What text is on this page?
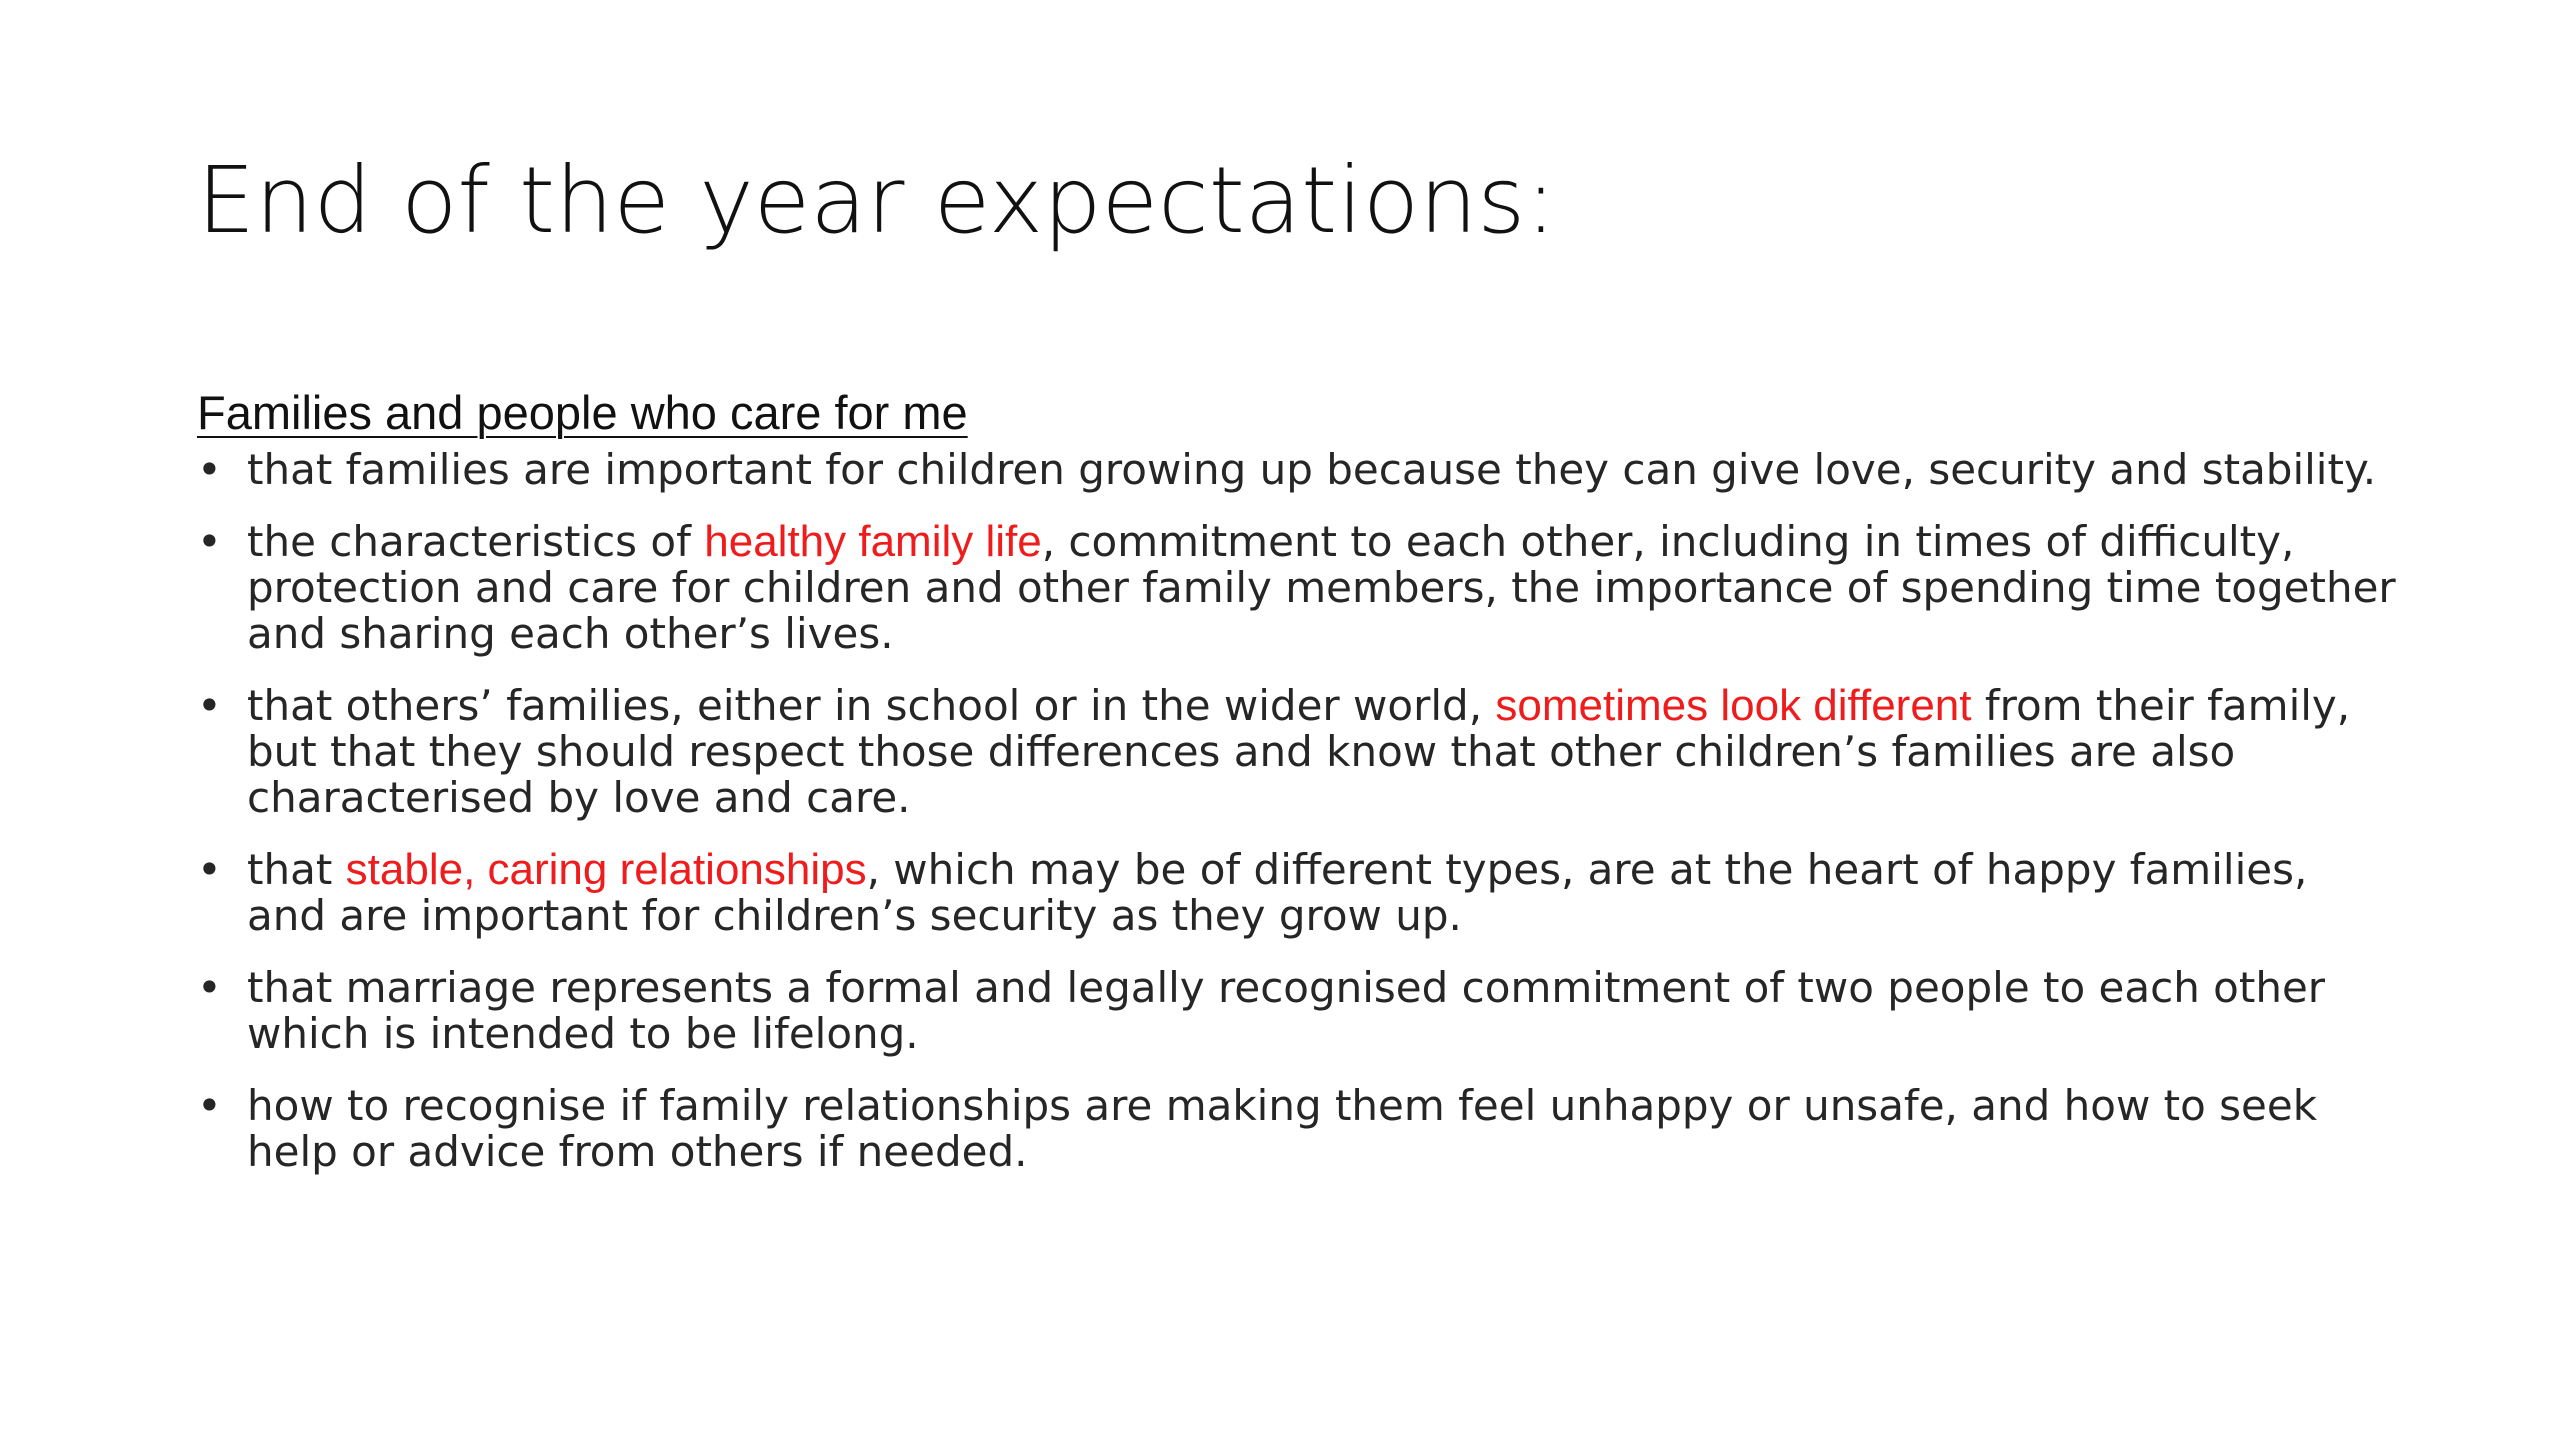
End of the year expectations:
Families and people who care for me
• that families are important for children growing up because they can give love, security and stability.
• the characteristics of healthy family life, commitment to each other, including in times of difficulty, protection and care for children and other family members, the importance of spending time together and sharing each other’s lives.
• that others’ families, either in school or in the wider world, sometimes look different from their family, but that they should respect those differences and know that other children’s families are also characterised by love and care.
• that stable, caring relationships, which may be of different types, are at the heart of happy families, and are important for children’s security as they grow up.
• that marriage represents a formal and legally recognised commitment of two people to each other which is intended to be lifelong.
• how to recognise if family relationships are making them feel unhappy or unsafe, and how to seek help or advice from others if needed.
